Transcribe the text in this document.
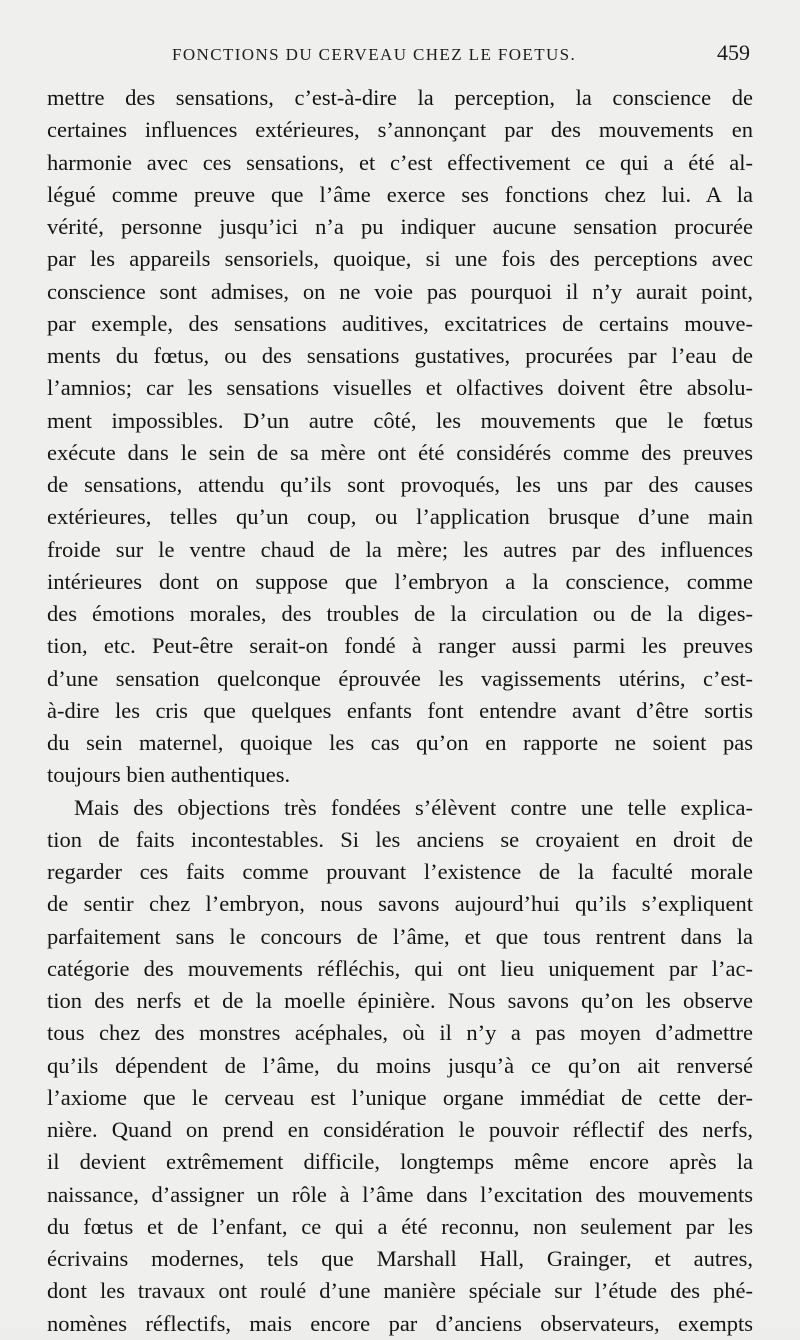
FONCTIONS DU CERVEAU CHEZ LE FOETUS.	459
mettre des sensations, c’est-à-dire la perception, la conscience de
certaines influences extérieures, s’annonçant par des mouvements en
harmonie avec ces sensations, et c’est effectivement ce qui a été al-
légué comme preuve que l’âme exerce ses fonctions chez lui. A la
vérité, personne jusqu’ici n’a pu indiquer aucune sensation procurée
par les appareils sensoriels, quoique, si une fois des perceptions avec
conscience sont admises, on ne voie pas pourquoi il n’y aurait point,
par exemple, des sensations auditives, excitatrices de certains mouve-
ments du fœtus, ou des sensations gustatives, procurées par l’eau de
l’amnios; car les sensations visuelles et olfactives doivent être absolu-
ment impossibles. D’un autre côté, les mouvements que le fœtus
exécute dans le sein de sa mère ont été considérés comme des preuves
de sensations, attendu qu’ils sont provoqués, les uns par des causes
extérieures, telles qu’un coup, ou l’application brusque d’une main
froide sur le ventre chaud de la mère; les autres par des influences
intérieures dont on suppose que l’embryon a la conscience, comme
des émotions morales, des troubles de la circulation ou de la diges-
tion, etc. Peut-être serait-on fondé à ranger aussi parmi les preuves
d’une sensation quelconque éprouvée les vagissements utérins, c’est-
à-dire les cris que quelques enfants font entendre avant d’être sortis
du sein maternel, quoique les cas qu’on en rapporte ne soient pas
toujours bien authentiques.
Mais des objections très fondées s’élèvent contre une telle explica-
tion de faits incontestables. Si les anciens se croyaient en droit de
regarder ces faits comme prouvant l’existence de la faculté morale
de sentir chez l’embryon, nous savons aujourd’hui qu’ils s’expliquent
parfaitement sans le concours de l’âme, et que tous rentrent dans la
catégorie des mouvements réfléchis, qui ont lieu uniquement par l’ac-
tion des nerfs et de la moelle épinière. Nous savons qu’on les observe
tous chez des monstres acéphales, où il n’y a pas moyen d’admettre
qu’ils dépendent de l’âme, du moins jusqu’à ce qu’on ait renversé
l’axiome que le cerveau est l’unique organe immédiat de cette der-
nière. Quand on prend en considération le pouvoir réflectif des nerfs,
il devient extrêmement difficile, longtemps même encore après la
naissance, d’assigner un rôle à l’âme dans l’excitation des mouvements
du fœtus et de l’enfant, ce qui a été reconnu, non seulement par les
écrivains modernes, tels que Marshall Hall, Grainger, et autres,
dont les travaux ont roulé d’une manière spéciale sur l’étude des phé-
nomènes réflectifs, mais encore par d’anciens observateurs, exempts
